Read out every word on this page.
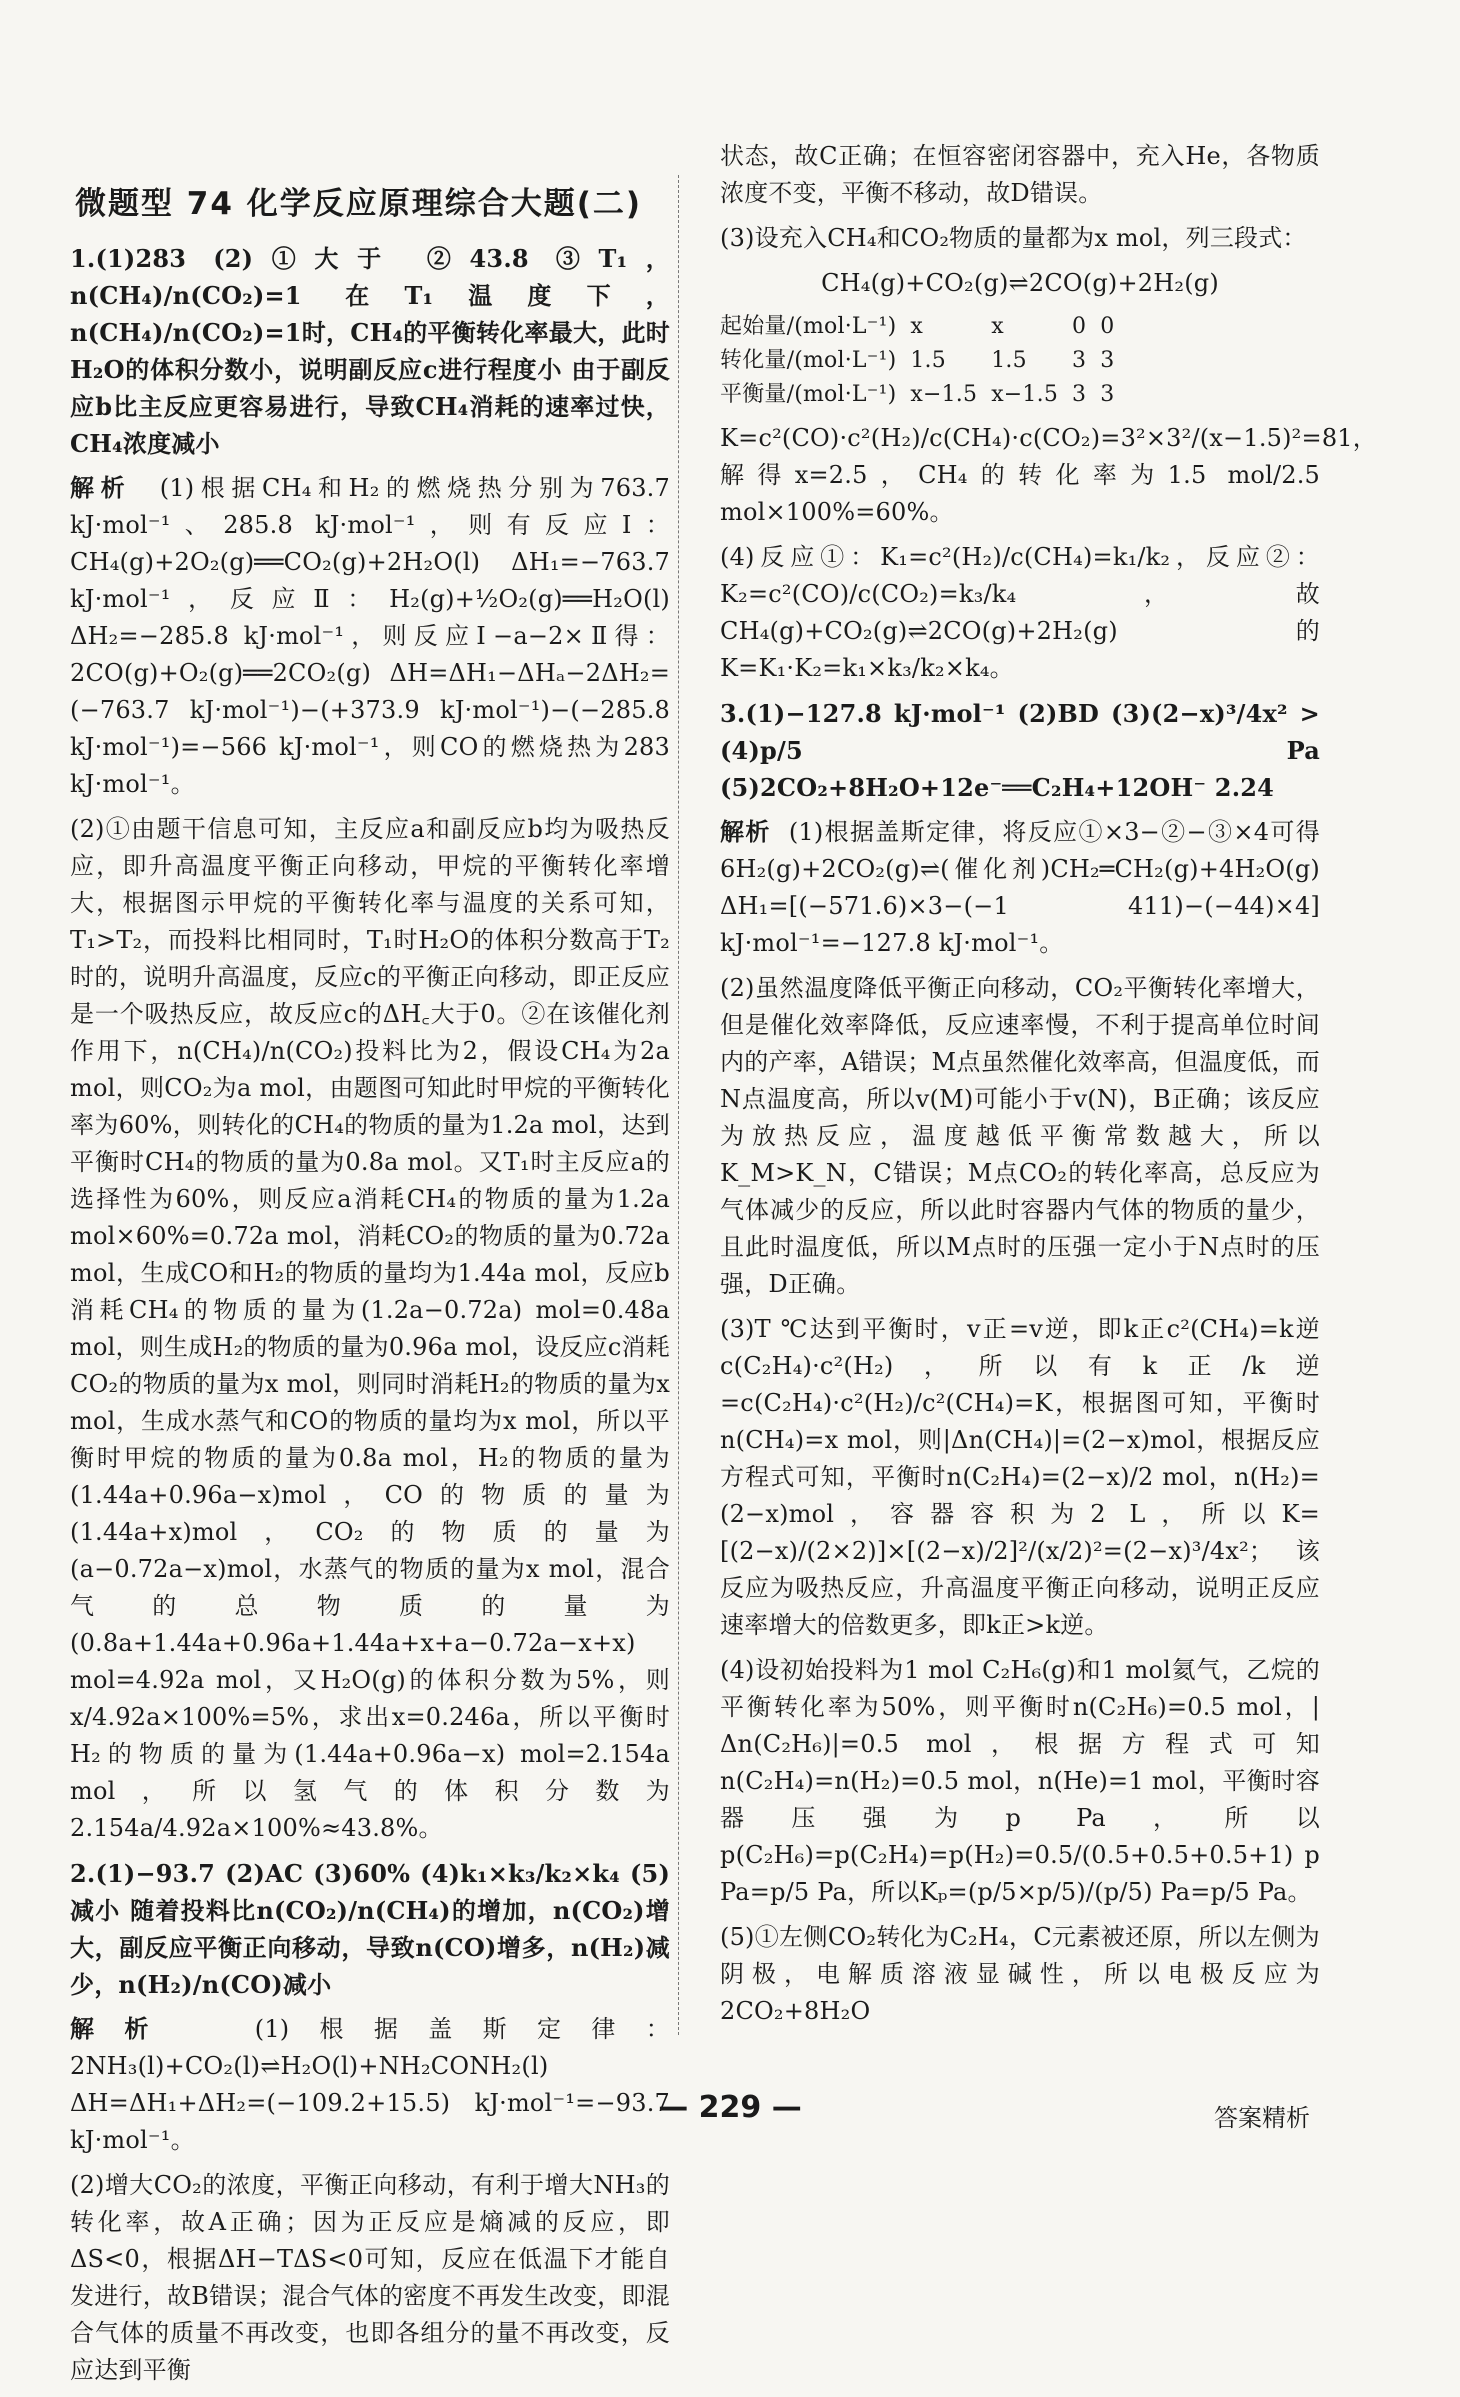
微题型 74 化学反应原理综合大题(二)

1.(1)283 (2)①大于 ②43.8 ③T₁，n(CH₄)/n(CO₂)=1 在T₁温度下，n(CH₄)/n(CO₂)=1时，CH₄的平衡转化率最大，此时H₂O的体积分数小，说明副反应c进行程度小 由于副反应b比主反应更容易进行，导致CH₄消耗的速率过快，CH₄浓度减小

解析 (1)根据CH₄和H₂的燃烧热分别为763.7 kJ·mol⁻¹、285.8 kJ·mol⁻¹，则有反应Ⅰ：CH₄(g)+2O₂(g)══CO₂(g)+2H₂O(l) ΔH₁=−763.7 kJ·mol⁻¹，反应Ⅱ：H₂(g)+½O₂(g)══H₂O(l) ΔH₂=−285.8 kJ·mol⁻¹，则反应Ⅰ−a−2×Ⅱ得：2CO(g)+O₂(g)══2CO₂(g) ΔH=ΔH₁−ΔHₐ−2ΔH₂=(−763.7 kJ·mol⁻¹)−(+373.9 kJ·mol⁻¹)−(−285.8 kJ·mol⁻¹)=−566 kJ·mol⁻¹，则CO的燃烧热为283 kJ·mol⁻¹。

(2)①由题干信息可知，主反应a和副反应b均为吸热反应，即升高温度平衡正向移动，甲烷的平衡转化率增大，根据图示甲烷的平衡转化率与温度的关系可知，T₁>T₂，而投料比相同时，T₁时H₂O的体积分数高于T₂时的，说明升高温度，反应c的平衡正向移动，即正反应是一个吸热反应，故反应c的ΔH꜀大于0。②在该催化剂作用下，n(CH₄)/n(CO₂)投料比为2，假设CH₄为2a mol，则CO₂为a mol，由题图可知此时甲烷的平衡转化率为60%，则转化的CH₄的物质的量为1.2a mol，达到平衡时CH₄的物质的量为0.8a mol。又T₁时主反应a的选择性为60%，则反应a消耗CH₄的物质的量为1.2a mol×60%=0.72a mol，消耗CO₂的物质的量为0.72a mol，生成CO和H₂的物质的量均为1.44a mol，反应b消耗CH₄的物质的量为(1.2a−0.72a) mol=0.48a mol，则生成H₂的物质的量为0.96a mol，设反应c消耗CO₂的物质的量为x mol，则同时消耗H₂的物质的量为x mol，生成水蒸气和CO的物质的量均为x mol，所以平衡时甲烷的物质的量为0.8a mol，H₂的物质的量为(1.44a+0.96a−x)mol，CO的物质的量为(1.44a+x)mol，CO₂的物质的量为(a−0.72a−x)mol，水蒸气的物质的量为x mol，混合气的总物质的量为(0.8a+1.44a+0.96a+1.44a+x+a−0.72a−x+x) mol=4.92a mol，又H₂O(g)的体积分数为5%，则x/4.92a×100%=5%，求出x=0.246a，所以平衡时H₂的物质的量为(1.44a+0.96a−x) mol=2.154a mol，所以氢气的体积分数为2.154a/4.92a×100%≈43.8%。

2.(1)−93.7 (2)AC (3)60% (4)k₁×k₃/k₂×k₄ (5)减小 随着投料比n(CO₂)/n(CH₄)的增加，n(CO₂)增大，副反应平衡正向移动，导致n(CO)增多，n(H₂)减少，n(H₂)/n(CO)减小

解析	(1)根据盖斯定律：2NH₃(l)+CO₂(l)⇌H₂O(l)+NH₂CONH₂(l) ΔH=ΔH₁+ΔH₂=(−109.2+15.5) kJ·mol⁻¹=−93.7 kJ·mol⁻¹。

(2)增大CO₂的浓度，平衡正向移动，有利于增大NH₃的转化率，故A正确；因为正反应是熵减的反应，即ΔS<0，根据ΔH−TΔS<0可知，反应在低温下才能自发进行，故B错误；混合气体的密度不再发生改变，即混合气体的质量不再改变，也即各组分的量不再改变，反应达到平衡

状态，故C正确；在恒容密闭容器中，充入He，各物质浓度不变，平衡不移动，故D错误。

(3)设充入CH₄和CO₂物质的量都为x mol，列三段式：

CH₄(g)+CO₂(g)⇌2CO(g)+2H₂(g)
起始量/(mol·L⁻¹)	x	x	0	0
转化量/(mol·L⁻¹)	1.5	1.5	3	3
平衡量/(mol·L⁻¹)	x−1.5	x−1.5	3	3

K=c²(CO)·c²(H₂)/c(CH₄)·c(CO₂)=3²×3²/(x−1.5)²=81，解得x=2.5，CH₄的转化率为1.5 mol/2.5 mol×100%=60%。

(4)反应①：K₁=c²(H₂)/c(CH₄)=k₁/k₂，反应②：K₂=c²(CO)/c(CO₂)=k₃/k₄，故CH₄(g)+CO₂(g)⇌2CO(g)+2H₂(g)的K=K₁·K₂=k₁×k₃/k₂×k₄。

3.(1)−127.8 kJ·mol⁻¹ (2)BD (3)(2−x)³/4x² > (4)p/5 Pa (5)2CO₂+8H₂O+12e⁻══C₂H₄+12OH⁻ 2.24

解析 (1)根据盖斯定律，将反应①×3−②−③×4可得6H₂(g)+2CO₂(g)⇌(催化剂)CH₂═CH₂(g)+4H₂O(g) ΔH₁=[(−571.6)×3−(−1 411)−(−44)×4] kJ·mol⁻¹=−127.8 kJ·mol⁻¹。

(2)虽然温度降低平衡正向移动，CO₂平衡转化率增大，但是催化效率降低，反应速率慢，不利于提高单位时间内的产率，A错误；M点虽然催化效率高，但温度低，而N点温度高，所以v(M)可能小于v(N)，B正确；该反应为放热反应，温度越低平衡常数越大，所以K_M>K_N，C错误；M点CO₂的转化率高，总反应为气体减少的反应，所以此时容器内气体的物质的量少，且此时温度低，所以M点时的压强一定小于N点时的压强，D正确。

(3)T ℃达到平衡时，v正=v逆，即k正c²(CH₄)=k逆c(C₂H₄)·c²(H₂)，所以有k正/k逆=c(C₂H₄)·c²(H₂)/c²(CH₄)=K，根据图可知，平衡时n(CH₄)=x mol，则|Δn(CH₄)|=(2−x)mol，根据反应方程式可知，平衡时n(C₂H₄)=(2−x)/2 mol，n(H₂)=(2−x)mol，容器容积为2 L，所以K=[(2−x)/(2×2)]×[(2−x)/2]²/(x/2)²=(2−x)³/4x²；该反应为吸热反应，升高温度平衡正向移动，说明正反应速率增大的倍数更多，即k正>k逆。

(4)设初始投料为1 mol C₂H₆(g)和1 mol氦气，乙烷的平衡转化率为50%，则平衡时n(C₂H₆)=0.5 mol，|Δn(C₂H₆)|=0.5 mol，根据方程式可知n(C₂H₄)=n(H₂)=0.5 mol，n(He)=1 mol，平衡时容器压强为p Pa，所以p(C₂H₆)=p(C₂H₄)=p(H₂)=0.5/(0.5+0.5+0.5+1) p Pa=p/5 Pa，所以Kₚ=(p/5×p/5)/(p/5) Pa=p/5 Pa。

(5)①左侧CO₂转化为C₂H₄，C元素被还原，所以左侧为阴极，电解质溶液显碱性，所以电极反应为2CO₂+8H₂O

— 229 —	答案精析
